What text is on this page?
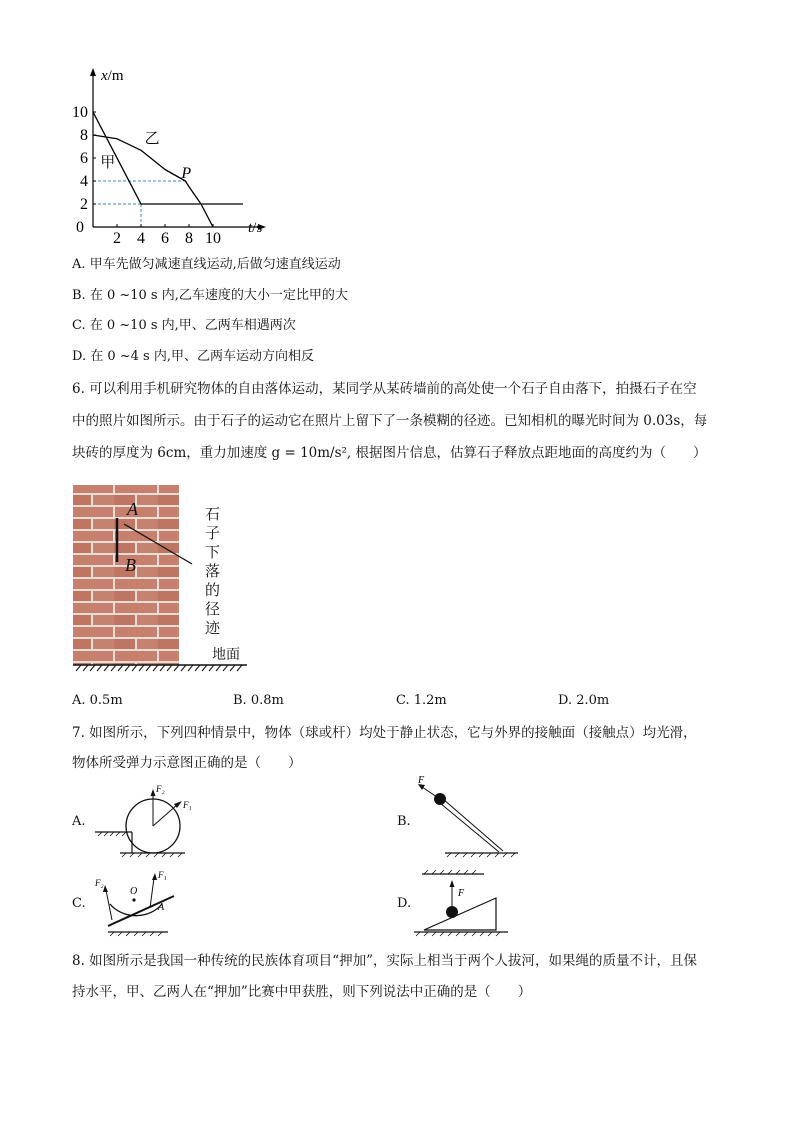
甲
乙
P
2
4
6
8
10
0
2 4 6 8 10
x/m
t/s
A. 甲车先做匀减速直线运动,后做匀速直线运动
B. 在 0 ~10 s 内,乙车速度的大小一定比甲的大
C. 在 0 ~10 s 内,甲、乙两车相遇两次
D. 在 0 ~4 s 内,甲、乙两车运动方向相反
6. 可以利用手机研究物体的自由落体运动，某同学从某砖墙前的高处使一个石子自由落下，拍摄石子在空
中的照片如图所示。由于石子的运动它在照片上留下了一条模糊的径迹。已知相机的曝光时间为 0.03s，每
块砖的厚度为 6cm，重力加速度 g = 10m/s², 根据图片信息，估算石子释放点距地面的高度约为（　　）
A
B
石
子
下
落
的
径
迹
地面
A. 0.5m	B. 0.8m	C. 1.2m	D. 2.0m
7. 如图所示，下列四种情景中，物体（球或杆）均处于静止状态，它与外界的接触面（接触点）均光滑，
物体所受弹力示意图正确的是（　　）
A.
F₂
F₁
B.
F
C.
F₂
O
F₁
A	D.
F
8. 如图所示是我国一种传统的民族体育项目“押加”，实际上相当于两个人拔河，如果绳的质量不计，且保
持水平，甲、乙两人在“押加”比赛中甲获胜，则下列说法中正确的是（　　）
